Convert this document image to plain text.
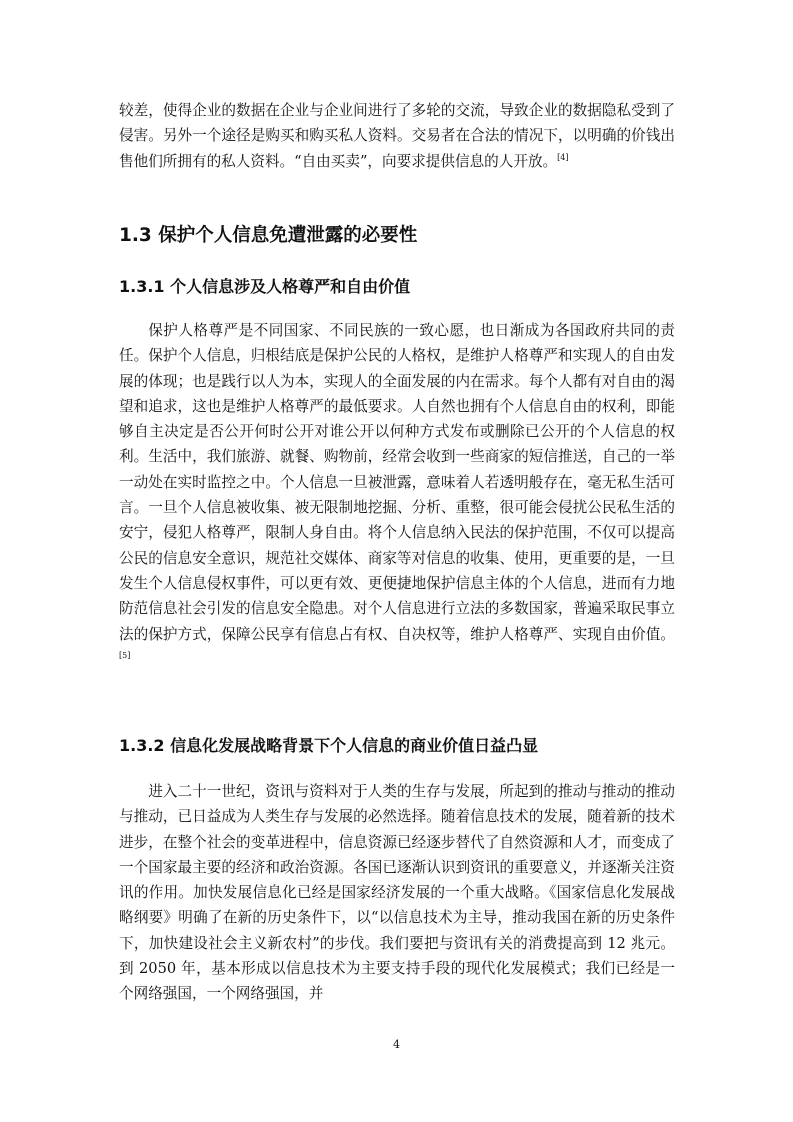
较差，使得企业的数据在企业与企业间进行了多轮的交流，导致企业的数据隐私受到了侵害。另外一个途径是购买和购买私人资料。交易者在合法的情况下，以明确的价钱出售他们所拥有的私人资料。“自由买卖”，向要求提供信息的人开放。[4]

1.3 保护个人信息免遭泄露的必要性
1.3.1 个人信息涉及人格尊严和自由价值

保护人格尊严是不同国家、不同民族的一致心愿，也日渐成为各国政府共同的责任。保护个人信息，归根结底是保护公民的人格权，是维护人格尊严和实现人的自由发展的体现；也是践行以人为本，实现人的全面发展的内在需求。每个人都有对自由的渴望和追求，这也是维护人格尊严的最低要求。人自然也拥有个人信息自由的权利，即能够自主决定是否公开何时公开对谁公开以何种方式发布或删除已公开的个人信息的权利。生活中，我们旅游、就餐、购物前，经常会收到一些商家的短信推送，自己的一举一动处在实时监控之中。个人信息一旦被泄露，意味着人若透明般存在，毫无私生活可言。一旦个人信息被收集、被无限制地挖掘、分析、重整，很可能会侵扰公民私生活的安宁，侵犯人格尊严，限制人身自由。将个人信息纳入民法的保护范围，不仅可以提高公民的信息安全意识，规范社交媒体、商家等对信息的收集、使用，更重要的是，一旦发生个人信息侵权事件，可以更有效、更便捷地保护信息主体的个人信息，进而有力地防范信息社会引发的信息安全隐患。对个人信息进行立法的多数国家，普遍采取民事立法的保护方式，保障公民享有信息占有权、自决权等，维护人格尊严、实现自由价值。[5]

1.3.2 信息化发展战略背景下个人信息的商业价值日益凸显

进入二十一世纪，资讯与资料对于人类的生存与发展，所起到的推动与推动的推动与推动，已日益成为人类生存与发展的必然选择。随着信息技术的发展，随着新的技术进步，在整个社会的变革进程中，信息资源已经逐步替代了自然资源和人才，而变成了一个国家最主要的经济和政治资源。各国已逐渐认识到资讯的重要意义，并逐渐关注资讯的作用。加快发展信息化已经是国家经济发展的一个重大战略。《国家信息化发展战略纲要》明确了在新的历史条件下，以“以信息技术为主导，推动我国在新的历史条件下，加快建设社会主义新农村”的步伐。我们要把与资讯有关的消费提高到 12 兆元。到 2050 年，基本形成以信息技术为主要支持手段的现代化发展模式；我们已经是一个网络强国，一个网络强国，并

4
